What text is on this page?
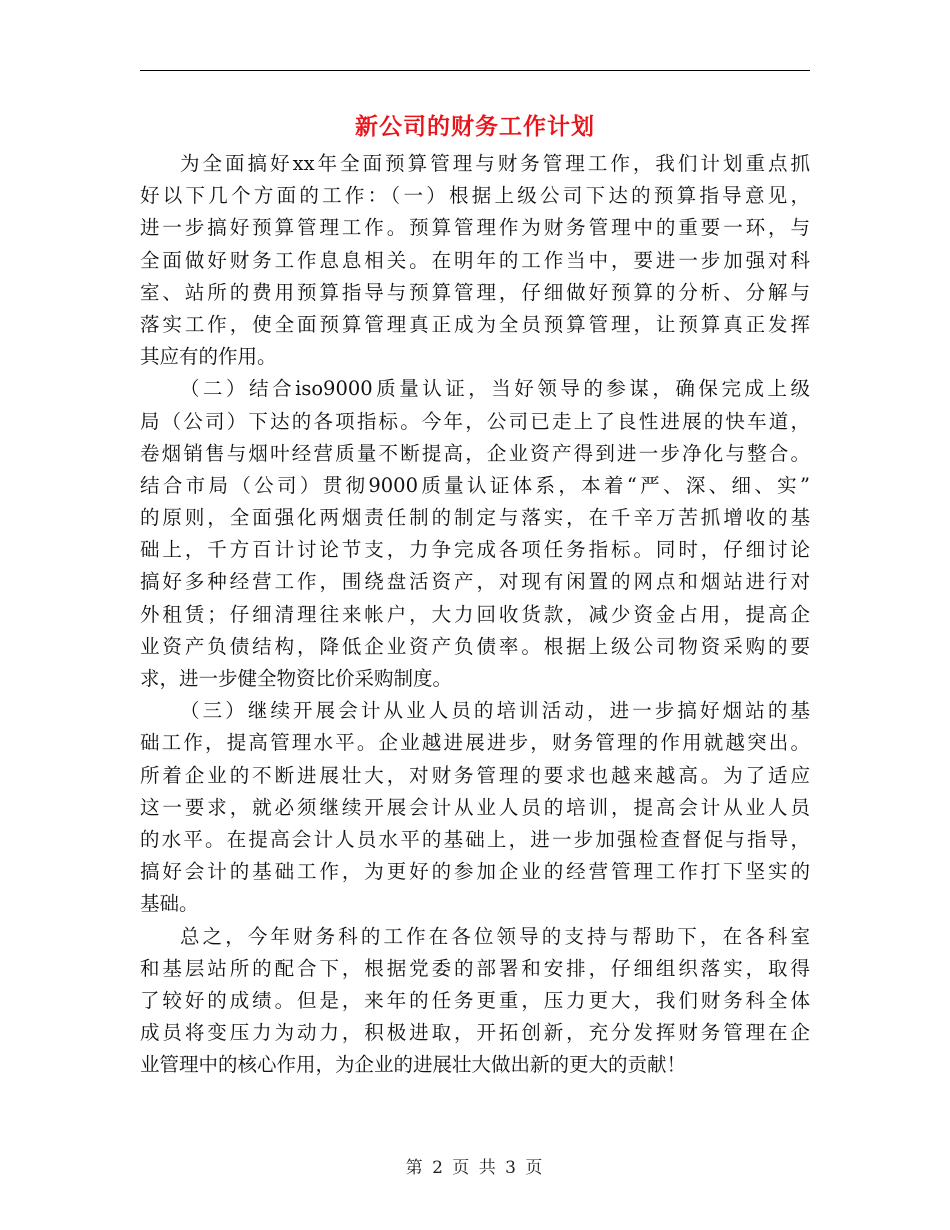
新公司的财务工作计划
为全面搞好xx年全面预算管理与财务管理工作，我们计划重点抓
好以下几个方面的工作：（一）根据上级公司下达的预算指导意见，
进一步搞好预算管理工作。预算管理作为财务管理中的重要一环，与
全面做好财务工作息息相关。在明年的工作当中，要进一步加强对科
室、站所的费用预算指导与预算管理，仔细做好预算的分析、分解与
落实工作，使全面预算管理真正成为全员预算管理，让预算真正发挥
其应有的作用。
（二）结合iso9000质量认证，当好领导的参谋，确保完成上级
局（公司）下达的各项指标。今年，公司已走上了良性进展的快车道，
卷烟销售与烟叶经营质量不断提高，企业资产得到进一步净化与整合。
结合市局（公司）贯彻9000质量认证体系，本着“严、深、细、实”
的原则，全面强化两烟责任制的制定与落实，在千辛万苦抓增收的基
础上，千方百计讨论节支，力争完成各项任务指标。同时，仔细讨论
搞好多种经营工作，围绕盘活资产，对现有闲置的网点和烟站进行对
外租赁；仔细清理往来帐户，大力回收货款，减少资金占用，提高企
业资产负债结构，降低企业资产负债率。根据上级公司物资采购的要
求，进一步健全物资比价采购制度。
（三）继续开展会计从业人员的培训活动，进一步搞好烟站的基
础工作，提高管理水平。企业越进展进步，财务管理的作用就越突出。
所着企业的不断进展壮大，对财务管理的要求也越来越高。为了适应
这一要求，就必须继续开展会计从业人员的培训，提高会计从业人员
的水平。在提高会计人员水平的基础上，进一步加强检查督促与指导，
搞好会计的基础工作，为更好的参加企业的经营管理工作打下坚实的
基础。
总之，今年财务科的工作在各位领导的支持与帮助下，在各科室
和基层站所的配合下，根据党委的部署和安排，仔细组织落实，取得
了较好的成绩。但是，来年的任务更重，压力更大，我们财务科全体
成员将变压力为动力，积极进取，开拓创新，充分发挥财务管理在企
业管理中的核心作用，为企业的进展壮大做出新的更大的贡献！
第 2 页 共 3 页
